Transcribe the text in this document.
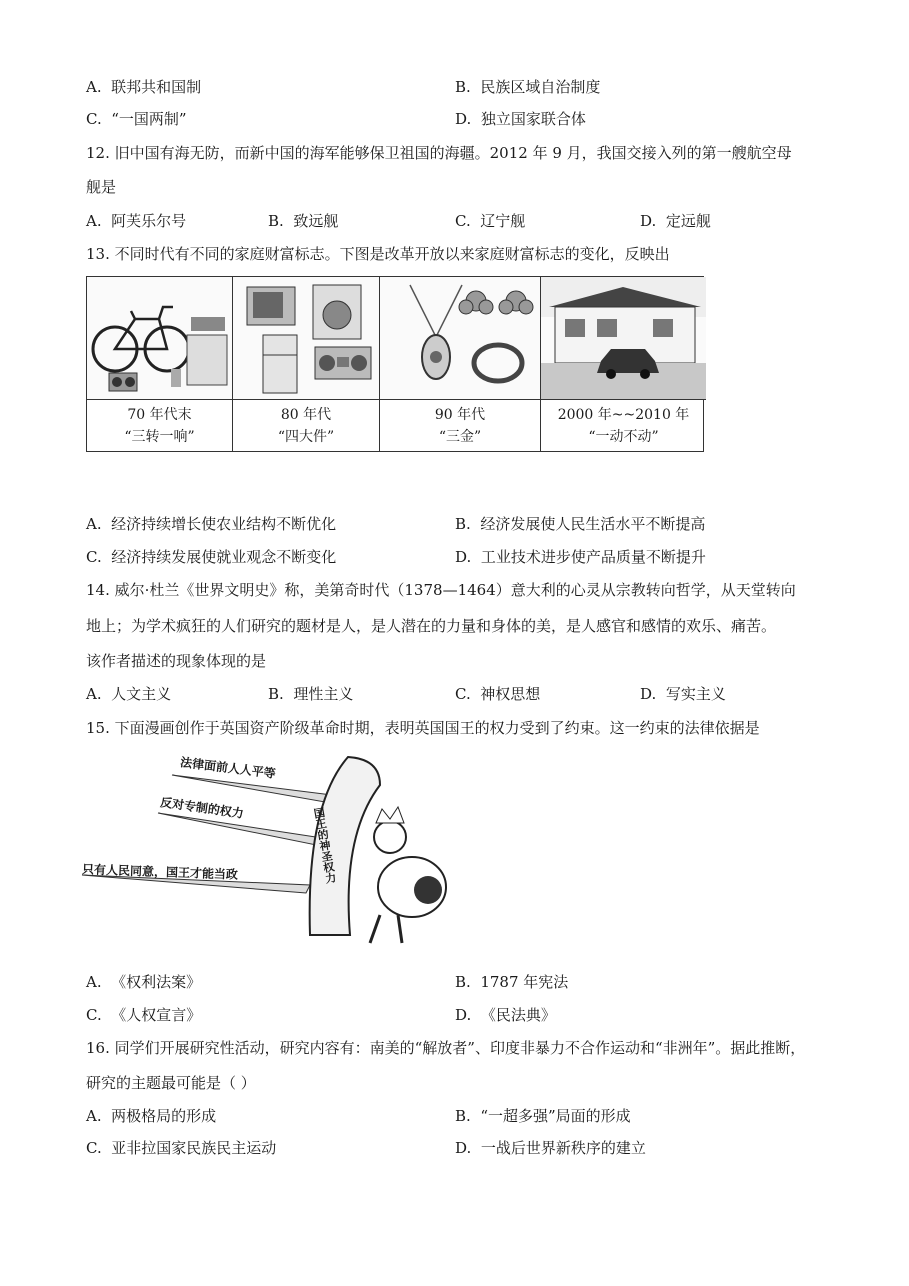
A. 联邦共和国制	B. 民族区域自治制度
C. “一国两制”	D. 独立国家联合体
12. 旧中国有海无防，而新中国的海军能够保卫祖国的海疆。2012 年 9 月，我国交接入列的第一艘航空母
舰是
A. 阿芙乐尔号	B. 致远舰	C. 辽宁舰	D. 定远舰
13. 不同时代有不同的家庭财富标志。下图是改革开放以来家庭财富标志的变化，反映出
70 年代末
“三转一响”
80 年代
“四大件”
90 年代
“三金”
2000 年~~2010 年
“一动不动”
A. 经济持续增长使农业结构不断优化	B. 经济发展使人民生活水平不断提高
C. 经济持续发展使就业观念不断变化	D. 工业技术进步使产品质量不断提升
14. 威尔·杜兰《世界文明史》称，美第奇时代（1378—1464）意大利的心灵从宗教转向哲学，从天堂转向
地上；为学术疯狂的人们研究的题材是人，是人潜在的力量和身体的美，是人感官和感情的欢乐、痛苦。
该作者描述的现象体现的是
A. 人文主义	B. 理性主义	C. 神权思想	D. 写实主义
15. 下面漫画创作于英国资产阶级革命时期，表明英国国王的权力受到了约束。这一约束的法律依据是
法律面前人人平等
反对专制的权力
只有人民同意，国王才能当政	国王的神圣权力
A. 《权利法案》	B. 1787 年宪法
C. 《人权宣言》	D. 《民法典》
16. 同学们开展研究性活动，研究内容有：南美的“解放者”、印度非暴力不合作运动和“非洲年”。据此推断，
研究的主题最可能是（ ）
A. 两极格局的形成	B. “一超多强”局面的形成
C. 亚非拉国家民族民主运动	D. 一战后世界新秩序的建立
